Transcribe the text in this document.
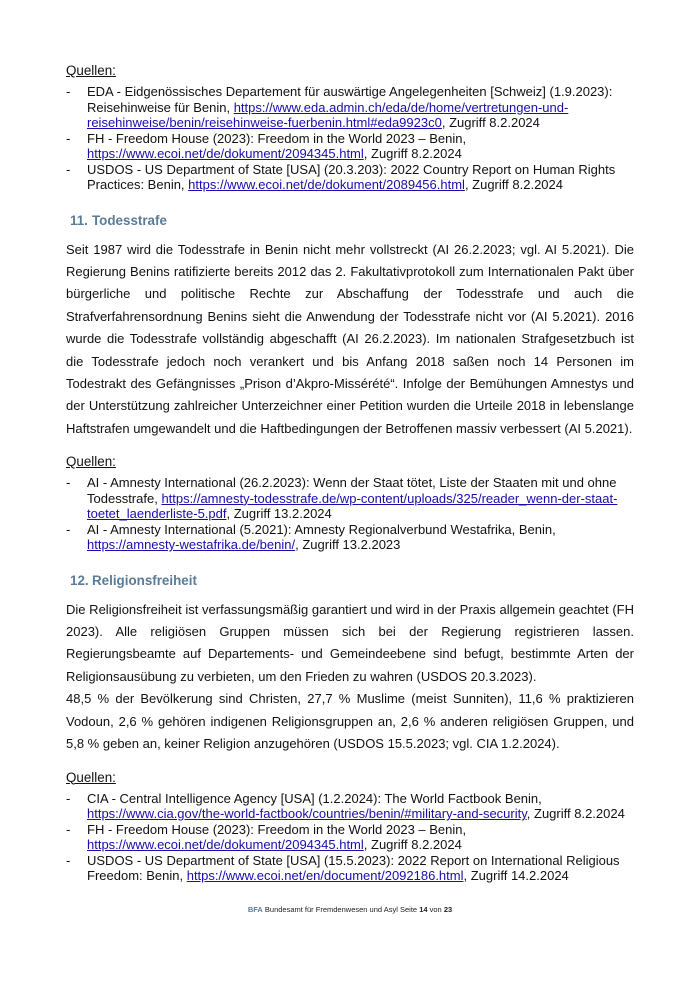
Quellen:
- EDA - Eidgenössisches Departement für auswärtige Angelegenheiten [Schweiz] (1.9.2023): Reisehinweise für Benin, https://www.eda.admin.ch/eda/de/home/vertretungen-und-reisehinweise/benin/reisehinweise-fuerbenin.html#eda9923c0, Zugriff 8.2.2024
- FH - Freedom House (2023): Freedom in the World 2023 – Benin, https://www.ecoi.net/de/dokument/2094345.html, Zugriff 8.2.2024
- USDOS - US Department of State [USA] (20.3.203): 2022 Country Report on Human Rights Practices: Benin, https://www.ecoi.net/de/dokument/2089456.html, Zugriff 8.2.2024
11. Todesstrafe

Seit 1987 wird die Todesstrafe in Benin nicht mehr vollstreckt (AI 26.2.2023; vgl. AI 5.2021). Die Regierung Benins ratifizierte bereits 2012 das 2. Fakultativprotokoll zum Internationalen Pakt über bürgerliche und politische Rechte zur Abschaffung der Todesstrafe und auch die Strafverfahrensordnung Benins sieht die Anwendung der Todesstrafe nicht vor (AI 5.2021). 2016 wurde die Todesstrafe vollständig abgeschafft (AI 26.2.2023). Im nationalen Strafgesetzbuch ist die Todesstrafe jedoch noch verankert und bis Anfang 2018 saßen noch 14 Personen im Todestrakt des Gefängnisses „Prison d’Akpro-Missérété“. Infolge der Bemühungen Amnestys und der Unterstützung zahlreicher Unterzeichner einer Petition wurden die Urteile 2018 in lebenslange Haftstrafen umgewandelt und die Haftbedingungen der Betroffenen massiv verbessert (AI 5.2021).

Quellen:
- AI - Amnesty International (26.2.2023): Wenn der Staat tötet, Liste der Staaten mit und ohne Todesstrafe, https://amnesty-todesstrafe.de/wp-content/uploads/325/reader_wenn-der-staat-toetet_laenderliste-5.pdf, Zugriff 13.2.2024
- AI - Amnesty International (5.2021): Amnesty Regionalverbund Westafrika, Benin, https://amnesty-westafrika.de/benin/, Zugriff 13.2.2023
12. Religionsfreiheit

Die Religionsfreiheit ist verfassungsmäßig garantiert und wird in der Praxis allgemein geachtet (FH 2023). Alle religiösen Gruppen müssen sich bei der Regierung registrieren lassen. Regierungsbeamte auf Departements- und Gemeindeebene sind befugt, bestimmte Arten der Religionsausübung zu verbieten, um den Frieden zu wahren (USDOS 20.3.2023).

48,5 % der Bevölkerung sind Christen, 27,7 % Muslime (meist Sunniten), 11,6 % praktizieren Vodoun, 2,6 % gehören indigenen Religionsgruppen an, 2,6 % anderen religiösen Gruppen, und 5,8 % geben an, keiner Religion anzugehören (USDOS 15.5.2023; vgl. CIA 1.2.2024).

Quellen:
- CIA - Central Intelligence Agency [USA] (1.2.2024): The World Factbook Benin, https://www.cia.gov/the-world-factbook/countries/benin/#military-and-security, Zugriff 8.2.2024
- FH - Freedom House (2023): Freedom in the World 2023 – Benin, https://www.ecoi.net/de/dokument/2094345.html, Zugriff 8.2.2024
- USDOS - US Department of State [USA] (15.5.2023): 2022 Report on International Religious Freedom: Benin, https://www.ecoi.net/en/document/2092186.html, Zugriff 14.2.2024
BFA Bundesamt für Fremdenwesen und Asyl Seite 14 von 23
